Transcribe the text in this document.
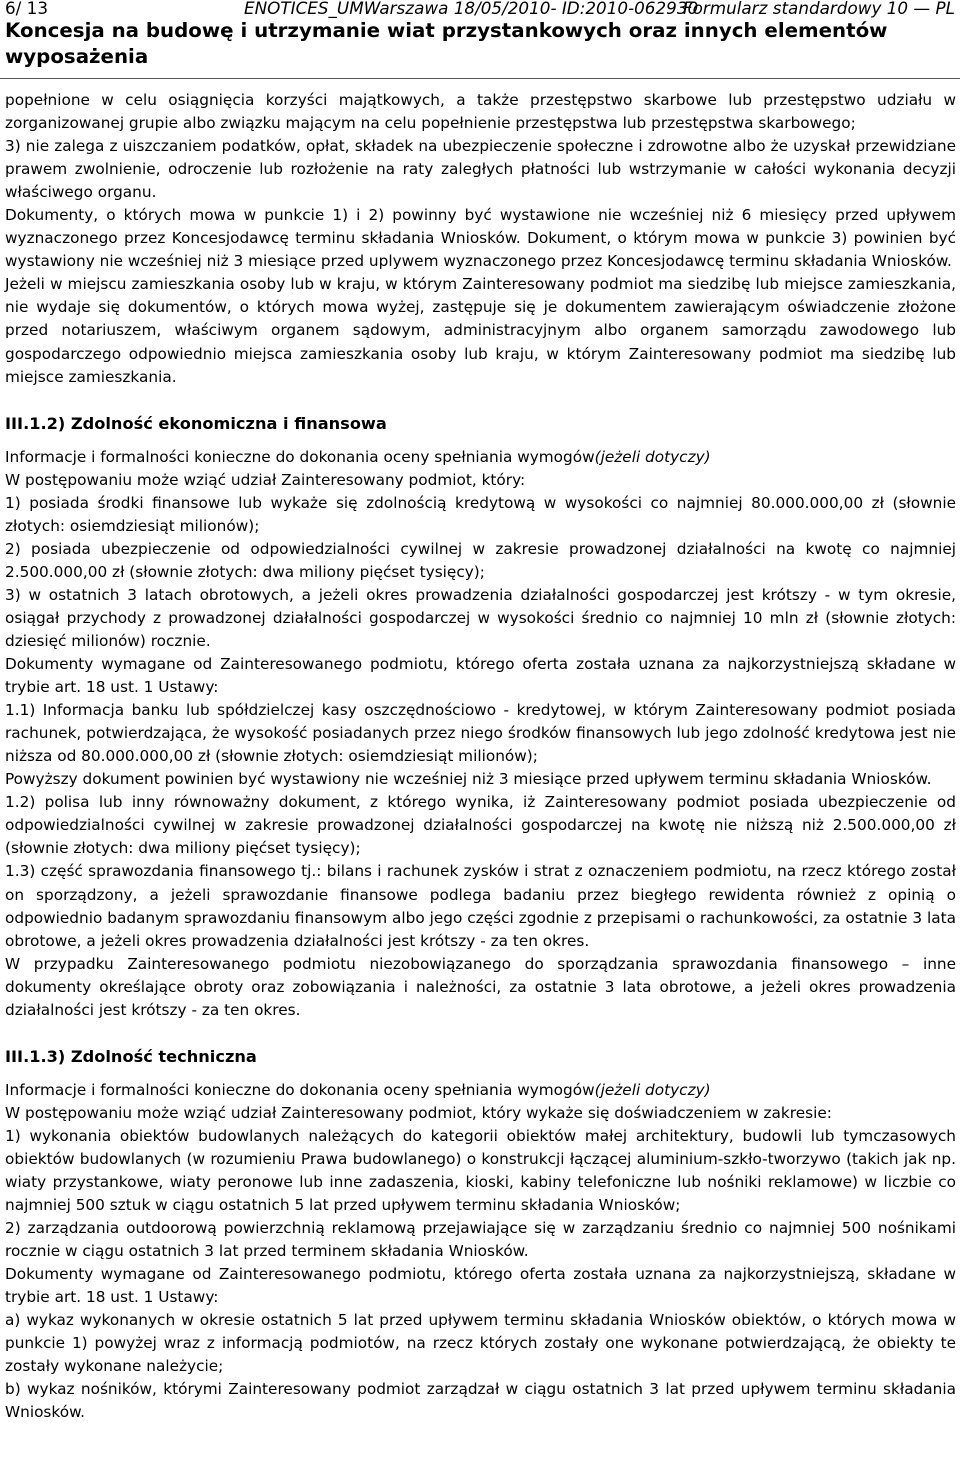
6/ 13	ENOTICES_UMWarszawa 18/05/2010- ID:2010-062930
Formularz standardowy 10 — PL
Koncesja na budowę i utrzymanie wiat przystankowych oraz innych elementów wyposażenia

popełnione w celu osiągnięcia korzyści majątkowych, a także przestępstwo skarbowe lub przestępstwo udziału w zorganizowanej grupie albo związku mającym na celu popełnienie przestępstwa lub przestępstwa skarbowego;

3) nie zalega z uiszczaniem podatków, opłat, składek na ubezpieczenie społeczne i zdrowotne albo że uzyskał przewidziane prawem zwolnienie, odroczenie lub rozłożenie na raty zaległych płatności lub wstrzymanie w całości wykonania decyzji właściwego organu.

Dokumenty, o których mowa w punkcie 1) i 2) powinny być wystawione nie wcześniej niż 6 miesięcy przed upływem wyznaczonego przez Koncesjodawcę terminu składania Wniosków. Dokument, o którym mowa w punkcie 3) powinien być wystawiony nie wcześniej niż 3 miesiące przed uplywem wyznaczonego przez Koncesjodawcę terminu składania Wniosków.

Jeżeli w miejscu zamieszkania osoby lub w kraju, w którym Zainteresowany podmiot ma siedzibę lub miejsce zamieszkania, nie wydaje się dokumentów, o których mowa wyżej, zastępuje się je dokumentem zawierającym oświadczenie złożone przed notariuszem, właściwym organem sądowym, administracyjnym albo organem samorządu zawodowego lub gospodarczego odpowiednio miejsca zamieszkania osoby lub kraju, w którym Zainteresowany podmiot ma siedzibę lub miejsce zamieszkania.

III.1.2) Zdolność ekonomiczna i finansowa

Informacje i formalności konieczne do dokonania oceny spełniania wymogów(jeżeli dotyczy)

W postępowaniu może wziąć udział Zainteresowany podmiot, który:

1) posiada środki finansowe lub wykaże się zdolnością kredytową w wysokości co najmniej 80.000.000,00 zł (słownie złotych: osiemdziesiąt milionów);

2) posiada ubezpieczenie od odpowiedzialności cywilnej w zakresie prowadzonej działalności na kwotę co najmniej 2.500.000,00 zł (słownie złotych: dwa miliony pięćset tysięcy);

3) w ostatnich 3 latach obrotowych, a jeżeli okres prowadzenia działalności gospodarczej jest krótszy - w tym okresie, osiągał przychody z prowadzonej działalności gospodarczej w wysokości średnio co najmniej 10 mln zł (słownie złotych: dziesięć milionów) rocznie.

Dokumenty wymagane od Zainteresowanego podmiotu, którego oferta została uznana za najkorzystniejszą składane w trybie art. 18 ust. 1 Ustawy:

1.1) Informacja banku lub spółdzielczej kasy oszczędnościowo - kredytowej, w którym Zainteresowany podmiot posiada rachunek, potwierdzająca, że wysokość posiadanych przez niego środków finansowych lub jego zdolność kredytowa jest nie niższa od 80.000.000,00 zł (słownie złotych: osiemdziesiąt milionów);

Powyższy dokument powinien być wystawiony nie wcześniej niż 3 miesiące przed upływem terminu składania Wniosków.

1.2) polisa lub inny równoważny dokument, z którego wynika, iż Zainteresowany podmiot posiada ubezpieczenie od odpowiedzialności cywilnej w zakresie prowadzonej działalności gospodarczej na kwotę nie niższą niż 2.500.000,00 zł (słownie złotych: dwa miliony pięćset tysięcy);

1.3) część sprawozdania finansowego tj.: bilans i rachunek zysków i strat z oznaczeniem podmiotu, na rzecz którego został on sporządzony, a jeżeli sprawozdanie finansowe podlega badaniu przez biegłego rewidenta również z opinią o odpowiednio badanym sprawozdaniu finansowym albo jego części zgodnie z przepisami o rachunkowości, za ostatnie 3 lata obrotowe, a jeżeli okres prowadzenia działalności jest krótszy - za ten okres.

W przypadku Zainteresowanego podmiotu niezobowiązanego do sporządzania sprawozdania finansowego – inne dokumenty określające obroty oraz zobowiązania i należności, za ostatnie 3 lata obrotowe, a jeżeli okres prowadzenia działalności jest krótszy - za ten okres.

III.1.3) Zdolność techniczna

Informacje i formalności konieczne do dokonania oceny spełniania wymogów(jeżeli dotyczy)

W postępowaniu może wziąć udział Zainteresowany podmiot, który wykaże się doświadczeniem w zakresie:

1) wykonania obiektów budowlanych należących do kategorii obiektów małej architektury, budowli lub tymczasowych obiektów budowlanych (w rozumieniu Prawa budowlanego) o konstrukcji łączącej aluminium-szkło-tworzywo (takich jak np. wiaty przystankowe, wiaty peronowe lub inne zadaszenia, kioski, kabiny telefoniczne lub nośniki reklamowe) w liczbie co najmniej 500 sztuk w ciągu ostatnich 5 lat przed upływem terminu składania Wniosków;

2) zarządzania outdoorową powierzchnią reklamową przejawiające się w zarządzaniu średnio co najmniej 500 nośnikami rocznie w ciągu ostatnich 3 lat przed terminem składania Wniosków.

Dokumenty wymagane od Zainteresowanego podmiotu, którego oferta została uznana za najkorzystniejszą, składane w trybie art. 18 ust. 1 Ustawy:

a) wykaz wykonanych w okresie ostatnich 5 lat przed upływem terminu składania Wniosków obiektów, o których mowa w punkcie 1) powyżej wraz z informacją podmiotów, na rzecz których zostały one wykonane potwierdzającą, że obiekty te zostały wykonane należycie;

b) wykaz nośników, którymi Zainteresowany podmiot zarządzał w ciągu ostatnich 3 lat przed upływem terminu składania Wniosków.
